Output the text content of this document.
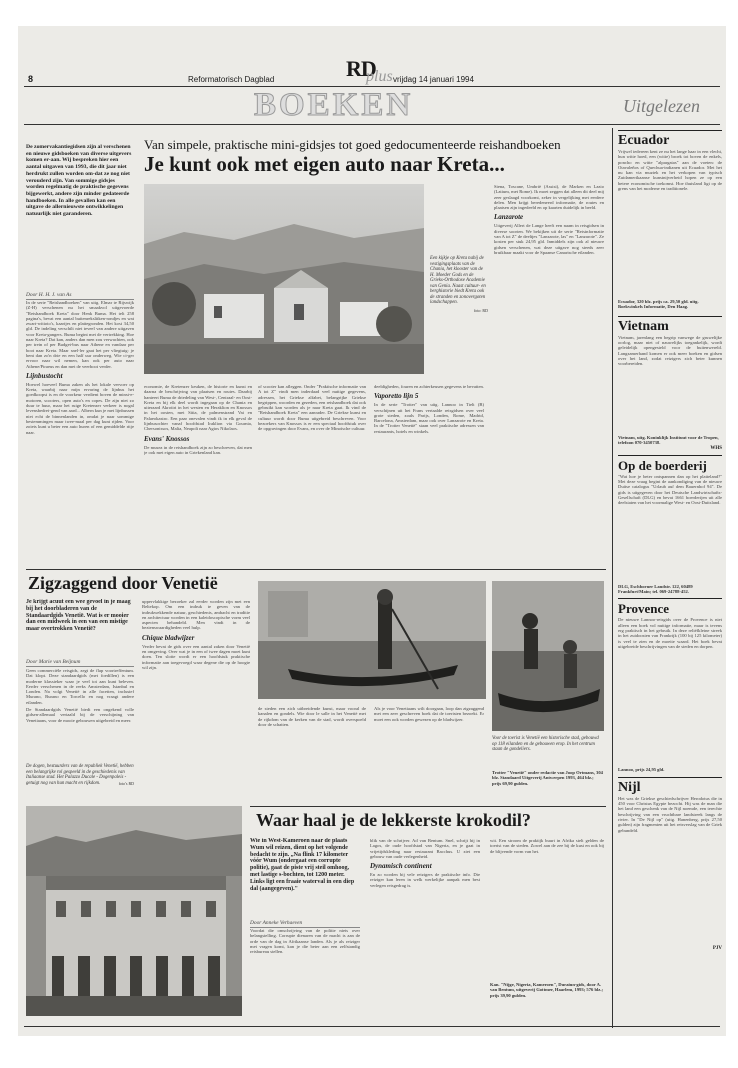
8	Reformatorisch Dagblad	RD
plus vrijdag 14 januari 1994
BOEKEN	Uitgelezen
Van simpele, praktische mini-gidsjes tot goed gedocumenteerde reishandboeken
Je kunt ook met eigen auto naar Kreta...
De zomervakantiegidsen zijn al verschenen en nieuwe gidsboeken van diverse uitgevers komen er-aan. Wij bespreken hier een aantal uitgaven van 1993, die dit jaar niet herdrukt zullen worden om-dat ze nog niet verouderd zijn. Van sommige gidsjes worden regelmatig de praktische gegevens bijgewerkt, andere zijn minder gedateerde handboeken. In alle gevallen kan een uitgave de allernieuwste ontwikkelingen natuurlijk niet garanderen.
Door H. H. J. van As

In de serie "Reishandboeken" van uitg. Elmar te Rijswijk (Z-H) verschenen nu het smaakvol uitgevoerde "Reishandboek Kreta" door Henk Buma. Het telt 258 pagina's, bevat een aantal buitenrekslitken-rondjes en wat zwart-wittoto's, kaartjes en plattegronden. Het kost 34,50 gld. De indeling verschilt niet teveel van andere uitgaven voor Kreta-gangers. Buma begint met de vertrekking. Hoe naar Kreta? Dat kan, anders dan men zou verwachten, ook per trein of per Budget-bus naar Athene en vandaar per boot naar Kreta. Maar snel-ler gaat het per vliegtuig: je bent dan zo'n drie en een half uur onderweg. Wie ci-ger ervoor naar wil nemen, kan ook per auto naar Athene/Piraeus en dan met de veerboot verder.

Lijnbustocht

Hoewel hoeveel Buma zaken als het lokale vervoer op Kreta, waarbij naar mijn ervaring de lijnbus het goedkoopst is en de voorkeur verdient boven de minst-e-motoren, scooters, open auto's en copes. De zijn niet zo duur te huur, maar het ruige Kretenzer verkeer is nogal levensbedrei-gend van aard... Albern kun je met lijnbussen niet echt de binnenlanden in, omdat je naar sommige bestemmingen maar twee-maal per dag kunt rijden. Voor zoiets kunt u beter een auto huren of een gemiddelde ritje naar.

Een kijkje op Kreta nabij de vestigingsplaats van de Chania, het klooster van de H. Moeder Gods en de Grieks-Orthodoxe Academie van Genia. Naast cultuur- en berghistorie biedt Kreta ook de stranden en zonovergoten landschappen.
foto: RD

economie, de Kretenzer keuken, de historie en kunst en daarna de beschrijving van plaatsen en routes. Daarbij hanteert Buma de driedeling van West-, Centraal- en Oost-Kreta en bij elk deel wordt ingegaan op de Chania en uiteraard Akrotiri in het westen en Heraklion en Knossos in het oosten, met Sitia, de palmenstrand Vai en Palaeokastro. Een paar onevalen vindt ik in elk geval de lijnbusochter vanaf hoofdstad Iraklion via Gournia, Chersonissos, Malia, Neapoli naar Agios Nikolaos.

Evans' Knossos

De musea in de reishandboek zijn zo beschreven, dat men je ook met eigen auto in Griekenland kan.

of scooter kan afleggen. Onder "Praktische informatie van A tot Z" vindt men inderdaad veel nuttige gegevens, adressen, het Griekse alfabet, belangrijke Griekse begrippen, woorden en gezeden, een reishandboek dat ook gebruikt kan worden als je naar Kreta gaat. Ik vind de "Reishandboek Kreta" een aanrader. De Griekse kunst en cultuur wordt door Buma uitgebreid beschreven. Voor bezoekers van Knossos is er een speciaal hoofdstuk over de opgravingen door Evans, en over de Minoïsche cultuur.

deeldigheden, fouren en achterkeusen gegevens te bevatten.

Vaporetto lijn 5

In de serie "Trotter" van uitg. Lannoo in Tielt (B) verschijnen uit het Frans vertaalde reisgidsen over veel grote steden, zoals Parijs, Londen, Rome, Madrid, Barcelona, Amsterdam, maar ook over Lanzarote en Kreta. In de "Trotter Venetië" staan veel praktische adressen van restaurants, hotels en winkels.

Siena, Toscane, Umbrië (Assisi), de Marken en Lazio (Latium, met Rome). Ik moet zeggen dat alleen dit deel mij zeer geslaagd voorkomt, zeker in vergelijking met eerdere delen. Men krijgt beredeneerd informatie, de routes en plaatsen zijn ingedeeld en op kaarten duidelijk in beeld.

Lanzarote

Uitgeverij Allert de Lange heeft een naam in reisgidsen in diverse soorten. We bekijken uit de serie "Reisinformatie van A tot Z" de deeltjes "Lanzarote, las" en "Lanzarote". Ze kosten per stuk 24,95 gld. Inmiddels zijn ook al nieuwe gidsen verschenen, wat deze uitgave nog steeds zeer bruikbaar maakt voor de Spaanse Canarische eilanden.

Ecuador
Vrijwel iedereen kent ze nu het lange haar in een vlecht, hun witte hoed, een (witte) broek tot boven de enkels, poncho en witte "alpargatas" aan de voeten: de Otavaleños of Quechua-indianen uit Ecuador. Met het nu kan via muziek en het verkopen van typisch Zuidamerikaanse kunstnijverheid hopen ze op een betere economische toekomst. Hoe thuisland ligt op de grens van het moderne en traditionele.
Ecuador, 320 blz. prijs ca. 29,50 gld. uitg. Boekwinkels Informatie, Den Haag.
Vietnam
Vietnam, jarenlang een begrip vanwege de gruwelijke oorlog, maar niet of nauwelijks toegankelijk, wordt geleidelijk opengesteld voor de buitenwereld. Langzamerhand komen er ook meer boeken en gidsen over het land, zodat reizigers zich beter kunnen voorbereiden.
Vietnam, uitg. Koninklijk Instituut voor de Tropen, telefoon 070-3450738.
WHS
Op de boerderij
"Wat hoe je beter ontspannen dan op het platteland?" Met deze vraag begint de aankondiging van de nieuwe Duitse catalogus "Urlaub auf dem Bauernhof 94". De gids is uitgegeven door het Deutsche Landwirtschafts-Gesellschaft (DLG) en bevat 1661 boerderijen uit alle deelstaten van het voormalige West- en Oost-Duitsland.
DLG, Eschborner Landstr. 122, 60489 Frankfurt/Main; tel. 069-24788-452.
Provence
De nieuwe Lannoo-reisgids over de Provence is niet alleen een boek vol nuttige informatie, maar is tevens erg praktisch in het gebruik. In deze reliëfkleine streek in het zuidoosten van Frankrijk (100 bij 125 kilometer) is veel te zien en de moeite waard. Het boek bevat uitgebreide beschrijvingen van de steden en dorpen.
Lannoo, prijs 24,95 gld.
Nijl
Het was de Griekse geschiedschrijver Herodotus die in 450 voor Christus Egypte bezocht. Hij was de man die het land een geschenk van de Nijl noemde, een terechte beschrijving van een vruchtbare landstreek langs de rivier. In "De Nijl op" (uitg. Hanenberg, prijs 27,50 gulden) zijn fragmenten uit het reisverslag van de Griek gebundeld.
PJV
Zigzaggend door Venetië
Je krijgt acuut een wee gevoel in je maag bij het doorbladeren van de Standaardgids Venetië. Wat is er mooier dan een midweek in een van een mistige maar overtrokken Venetië?
Door Marie van Beijnum

Geen commerciële reisgids, zegt de flap voortreffentum. Dat klopt. Deze standaardgids (met foedillen) is een moderne klassieker waar je veel tot aan kunt beleven. Eerder verschenen in de reeks Amsterdam, Istanbul en Londen. Na volgt Venetië in alle facetten, inclusief Murano, Burano en Torcello en nog vraagt andere eilanden.

De Standaardgids Venetië biedt een ongekend volle gidsen-allemaal vertaald bij de verschijning van Venetiaans, voor de mooie gebouwen uitgebreid en meer.

De dogen, bestuurders van de republiek Venetië, hebben een belangrijke rol gespeeld in de geschiedenis van Italiaanse stad. Het Palazzo Ducale - Dogenpaleis - getuigt nog van hun macht en rijkdom.	foto's RD

uppervlakkige bezoeker zal eerder worden zijn met een Beltekop. Om een indruk te geven van de indrukwekkende natuur, geschiedenis, ambacht en traditie en architectuur worden in een kaleidoscopische vorm veel aspecten behandeld. Men vindt in de bezienswaardigheden veel hulp.

Chique bladwijzer

Verder bevat de gids over een aantal zaken door Venetië en omgeving. Over wat je in een of twee dagen moet kunt doen. Ten slotte wordt er een hoofdstuk praktische informatie aan toegevoegd waar degene die op de hoogte wil zijn.

de steden een zich uitbreidende kunst, maar vooral de kanalen en gondels. Wie door le salle in het Venetië met de rijkdom van de kerken van de stad, wordt overspoeld door de schatten.

Als je voor Venetiaans wilt doorgaan, loop dan zigzaggend met een zeer geschreven boek dat de toeristen bezoekt. Er moet een ook worden gewezen op de bladwijzer.

Voor de toerist is Venetië een historische stad, gebouwd op 118 eilanden en de gebouwen erop. In het centrum staan de gondeliers.
Trotter "Venetië" onder redactie van Joop Ortmans, 304 blz. Standaard Uitgeverij Antwerpen 1993, 464 blz.; prijs 69,90 gulden.
Waar haal je de lekkerste krokodil?
Wie in West-Kameroen naar de plaats Wum wil reizen, dient op het volgende bedacht te zijn. „Na flink 17 kilometer vóór Wum (ondergaat een corrupte politie), gaat de piste vrij steil omhoog, met lastige s-bochten, tot 1200 meter. Links ligt een fraaie waterval in een diep dal (aangegeven)."
Door Anneke Verhaeven

Voordat die omschrijving van de politie niets over belangstelling. Corrupte dienaren van de macht is aan de orde van de dag in Afrikaanse landen. Als je als reiziger met vragen komt, kan je die beter aan een zelfstandig reisbureau stellen.

blik van de schrijver. Ad van Bentum. Snel, schrijt hij in Lagos, de oude hoofdstad van Nigeria, en je gaat in vrijetijdskleding naar restaurant Bacchus. U ziet een gebouw van oude verlegenheid.

Dynamisch continent

En zo worden bij vele reizigers de praktische info. Die reiziger kan leren in welk werkelijke aanpak men best verlegen reisgedrag is.

wit. Een stroom de praktijk buurt in Afrika stelt gelden de toerist van de steden. Zowel aan de zee bij de kust en ook bij de blijvende vorm van het.

Kan. "Nijge, Nigeria, Kameroen", Duraiun-gids, door A. van Bentum, uitgeverij Gottmer, Haarlem, 1993; 576 blz.; prijs 39,90 gulden.
